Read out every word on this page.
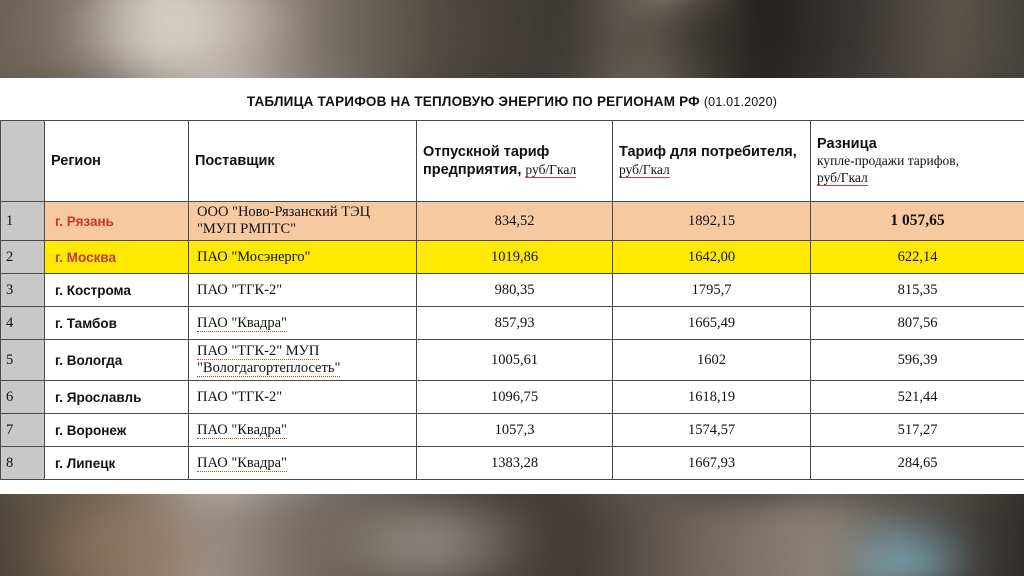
ТАБЛИЦА ТАРИФОВ НА ТЕПЛОВУЮ ЭНЕРГИЮ ПО РЕГИОНАМ РФ (01.01.2020)
	Регион	Поставщик	Отпускной тариф предприятия, руб/Гкал	Тариф для потребителя, руб/Гкал	Разница
купле-продажи тарифов,
руб/Гкал
1	г. Рязань	ООО "Ново-Рязанский ТЭЦ "МУП РМПТС"	834,52	1892,15	1 057,65
2	г. Москва	ПАО "Мосэнерго"	1019,86	1642,00	622,14
3	г. Кострома	ПАО "ТГК-2"	980,35	1795,7	815,35
4	г. Тамбов	ПАО "Квадра"	857,93	1665,49	807,56
5	г. Вологда	ПАО "ТГК-2" МУП "Вологдагортеплосеть"	1005,61	1602	596,39
6	г. Ярославль	ПАО "ТГК-2"	1096,75	1618,19	521,44
7	г. Воронеж	ПАО "Квадра"	1057,3	1574,57	517,27
8	г. Липецк	ПАО "Квадра"	1383,28	1667,93	284,65
